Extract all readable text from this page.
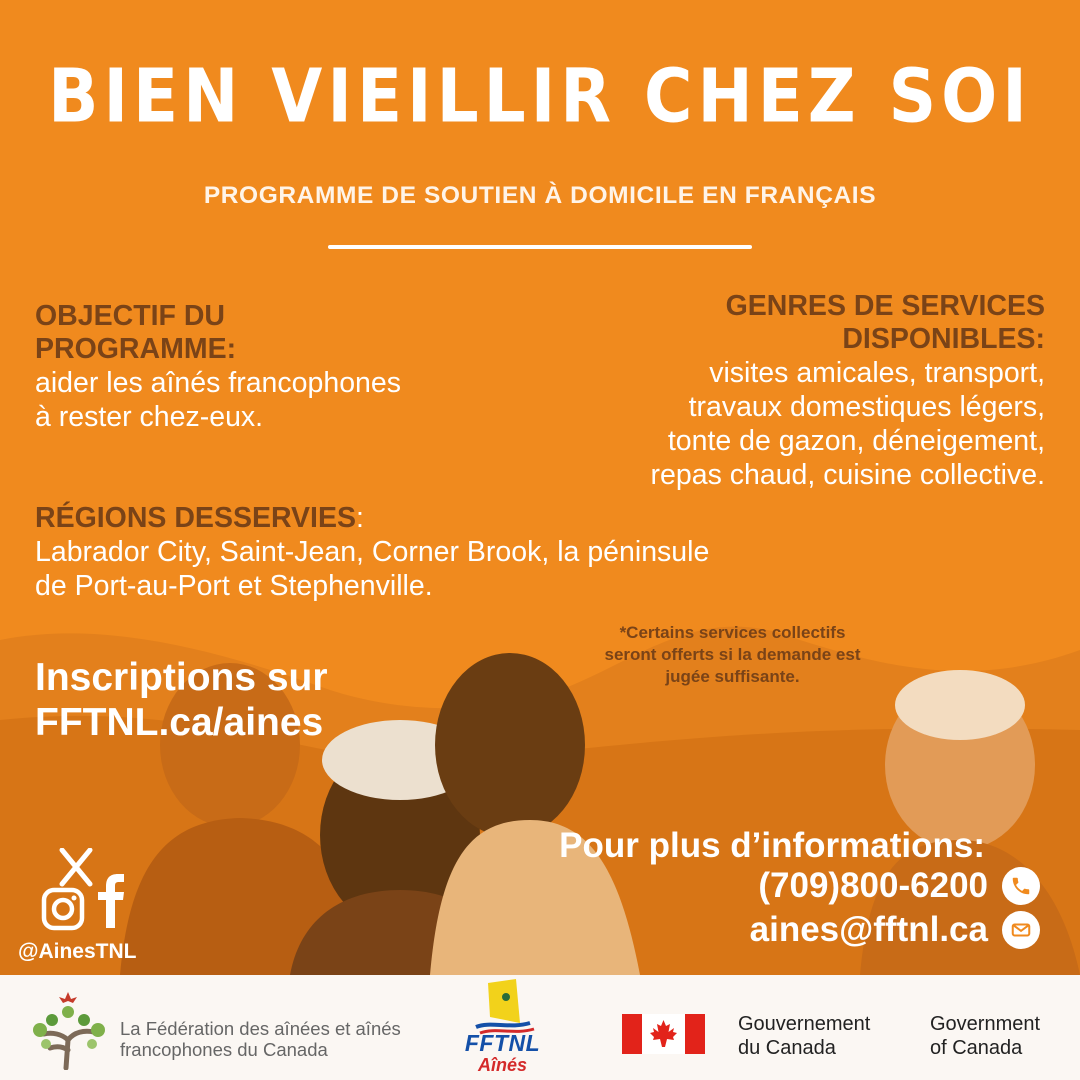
BIEN VIEILLIR CHEZ SOI
PROGRAMME DE SOUTIEN À DOMICILE EN FRANÇAIS
OBJECTIF DU
PROGRAMME:
aider les aînés francophones
à rester chez-eux.
GENRES DE SERVICES
DISPONIBLES:
visites amicales, transport,
travaux domestiques légers,
tonte de gazon, déneigement,
repas chaud, cuisine collective.
RÉGIONS DESSERVIES:
Labrador City, Saint-Jean, Corner Brook, la péninsule
de Port-au-Port et Stephenville.
*Certains services collectifs
seront offerts si la demande est
jugée suffisante.
Inscriptions sur
FFTNL.ca/aines
Pour plus d’informations:
(709)800-6200
aines@fftnl.ca
@AinesTNL
La Fédération des aînées et aînés
francophones du Canada	FFTNL
Aînés
Gouvernement
du Canada
Government
of Canada
